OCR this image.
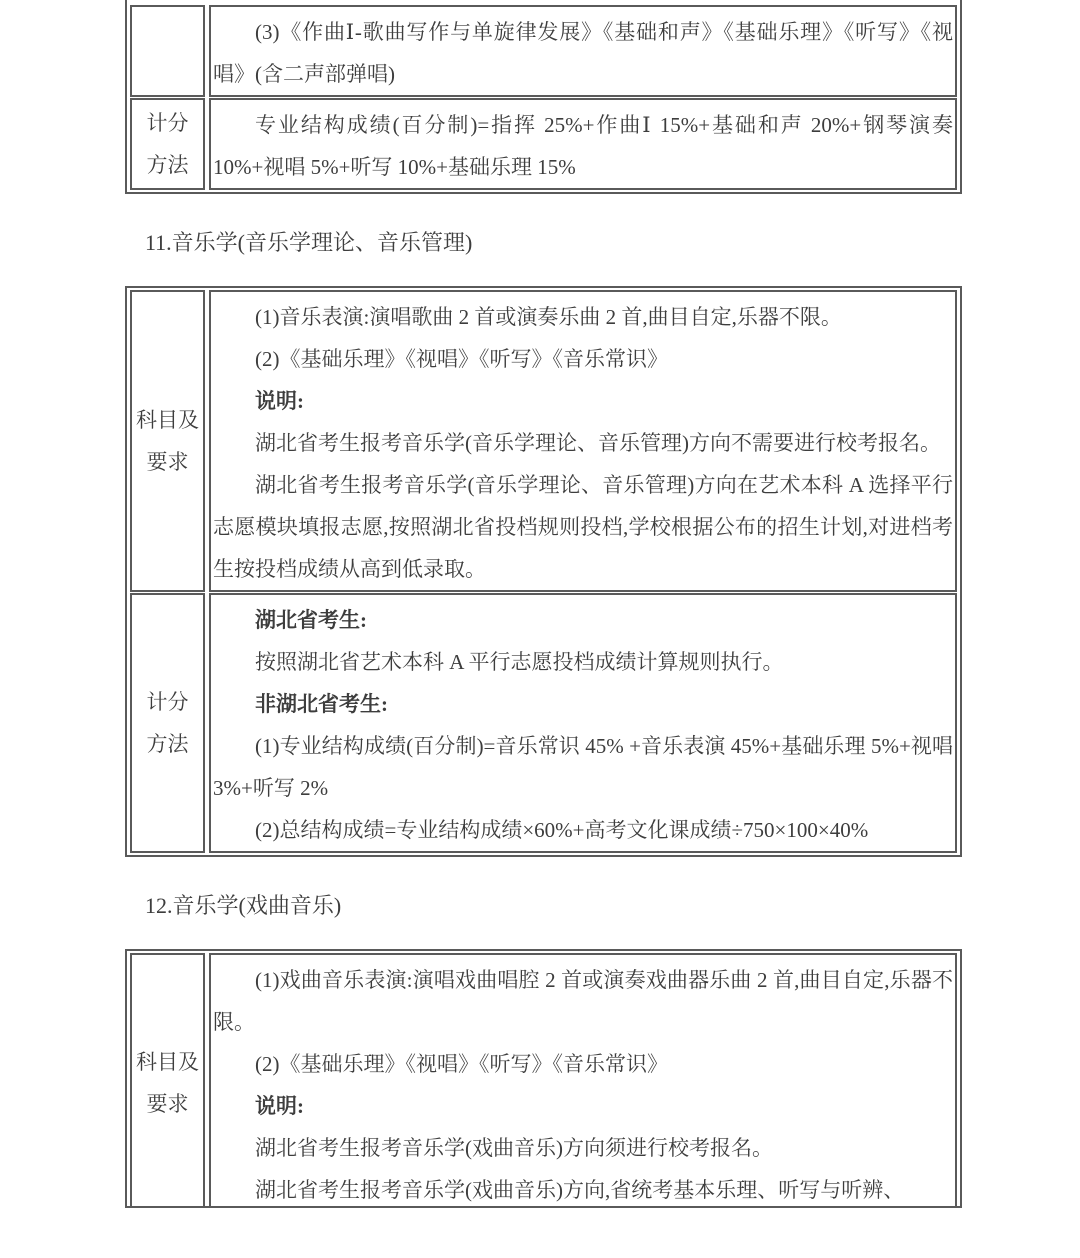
(3)《作曲Ⅰ-歌曲写作与单旋律发展》《基础和声》《基础乐理》《听写》《视唱》(含二声部弹唱)

计分
方法

专业结构成绩(百分制)=指挥 25%+作曲Ⅰ 15%+基础和声 20%+钢琴演奏 10%+视唱 5%+听写 10%+基础乐理 15%

11.音乐学(音乐学理论、音乐管理)
科目及
要求

(1)音乐表演:演唱歌曲 2 首或演奏乐曲 2 首,曲目自定,乐器不限。

(2)《基础乐理》《视唱》《听写》《音乐常识》

说明:

湖北省考生报考音乐学(音乐学理论、音乐管理)方向不需要进行校考报名。

湖北省考生报考音乐学(音乐学理论、音乐管理)方向在艺术本科 A 选择平行志愿模块填报志愿,按照湖北省投档规则投档,学校根据公布的招生计划,对进档考生按投档成绩从高到低录取。

计分
方法

湖北省考生:

按照湖北省艺术本科 A 平行志愿投档成绩计算规则执行。

非湖北省考生:

(1)专业结构成绩(百分制)=音乐常识 45% +音乐表演 45%+基础乐理 5%+视唱 3%+听写 2%

(2)总结构成绩=专业结构成绩×60%+高考文化课成绩÷750×100×40%

12.音乐学(戏曲音乐)
科目及
要求

(1)戏曲音乐表演:演唱戏曲唱腔 2 首或演奏戏曲器乐曲 2 首,曲目自定,乐器不限。

(2)《基础乐理》《视唱》《听写》《音乐常识》

说明:

湖北省考生报考音乐学(戏曲音乐)方向须进行校考报名。

湖北省考生报考音乐学(戏曲音乐)方向,省统考基本乐理、听写与听辨、
